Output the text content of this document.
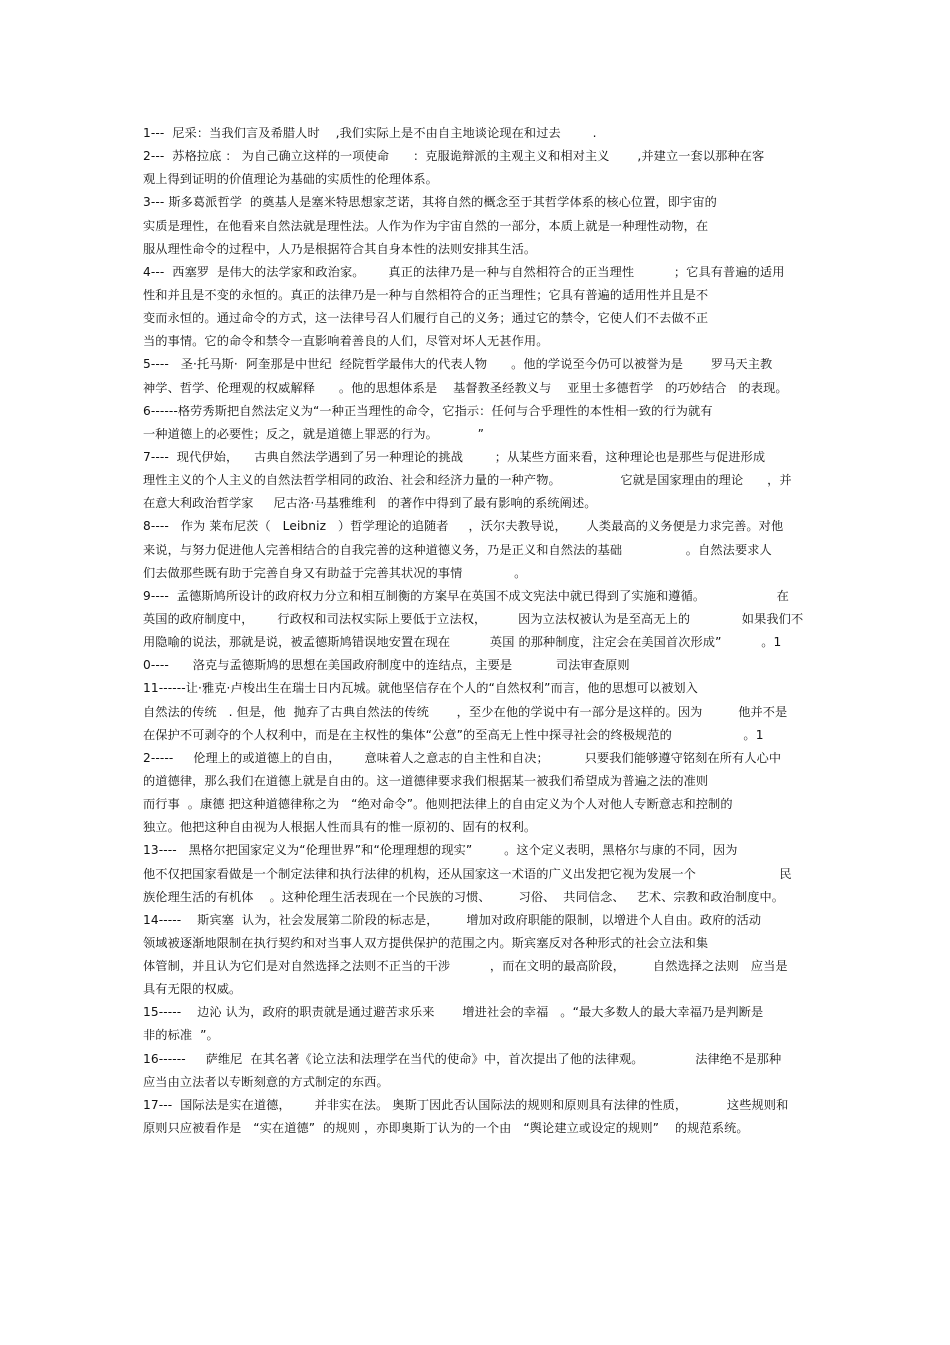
1---  尼采：当我们言及希腊人时    ,我们实际上是不由自主地谈论现在和过去        .
2---  苏格拉底 ： 为自己确立这样的一项使命      ：克服诡辩派的主观主义和相对主义       ,并建立一套以那种在客
观上得到证明的价值理论为基础的实质性的伦理体系。
3--- 斯多葛派哲学  的奠基人是塞米特思想家芝诺，其将自然的概念至于其哲学体系的核心位置，即宇宙的
实质是理性，在他看来自然法就是理性法。人作为作为宇宙自然的一部分，本质上就是一种理性动物，在
服从理性命令的过程中，人乃是根据符合其自身本性的法则安排其生活。
4---  西塞罗  是伟大的法学家和政治家。      真正的法律乃是一种与自然相符合的正当理性          ；它具有普遍的适用
性和并且是不变的永恒的。真正的法律乃是一种与自然相符合的正当理性；它具有普遍的适用性并且是不
变而永恒的。通过命令的方式，这一法律号召人们履行自己的义务；通过它的禁令，它使人们不去做不正
当的事情。它的命令和禁令一直影响着善良的人们，尽管对坏人无甚作用。
5----   圣·托马斯·  阿奎那是中世纪  经院哲学最伟大的代表人物      。他的学说至今仍可以被誉为是       罗马天主教
神学、哲学、伦理观的权威解释      。他的思想体系是    基督教圣经教义与    亚里士多德哲学   的巧妙结合   的表现。
6------格劳秀斯把自然法定义为“一种正当理性的命令，它指示：任何与合乎理性的本性相一致的行为就有
一种道德上的必要性；反之，就是道德上罪恶的行为。          ”
7----  现代伊始，    古典自然法学遇到了另一种理论的挑战        ；从某些方面来看，这种理论也是那些与促进形成
理性主义的个人主义的自然法哲学相同的政治、社会和经济力量的一种产物。               它就是国家理由的理论      ，并
在意大利政治哲学家     尼古洛·马基雅维利   的著作中得到了最有影响的系统阐述。
8----   作为 莱布尼茨（   Leibniz   ）哲学理论的追随者     ，沃尔夫教导说，     人类最高的义务便是力求完善。对他
来说，与努力促进他人完善相结合的自我完善的这种道德义务，乃是正义和自然法的基础                。自然法要求人
们去做那些既有助于完善自身又有助益于完善其状况的事情             。
9----  孟德斯鸠所设计的政府权力分立和相互制衡的方案早在英国不成文宪法中就已得到了实施和遵循。                  在
英国的政府制度中，      行政权和司法权实际上要低于立法权，        因为立法权被认为是至高无上的             如果我们不
用隐喻的说法，那就是说，被孟德斯鸠错误地安置在现在          英国 的那种制度，注定会在美国首次形成”          。1
0----      洛克与孟德斯鸠的思想在美国政府制度中的连结点，主要是           司法审查原则
11------让·雅克·卢梭出生在瑞士日内瓦城。就他坚信存在个人的“自然权利”而言，他的思想可以被划入
自然法的传统   . 但是，他  抛弃了古典自然法的传统       ，至少在他的学说中有一部分是这样的。因为         他并不是
在保护不可剥夺的个人权利中，而是在主权性的集体“公意”的至高无上性中探寻社会的终极规范的                  。1
2-----     伦理上的或道德上的自由，      意味着人之意志的自主性和自决；         只要我们能够遵守铭刻在所有人心中
的道德律，那么我们在道德上就是自由的。这一道德律要求我们根据某一被我们希望成为普遍之法的准则
而行事  。康德 把这种道德律称之为   “绝对命令”。他则把法律上的自由定义为个人对他人专断意志和控制的
独立。他把这种自由视为人根据人性而具有的惟一原初的、固有的权利。
13----   黑格尔把国家定义为“伦理世界”和“伦理理想的现实”        。这个定义表明，黑格尔与康的不同，因为
他不仅把国家看做是一个制定法律和执行法律的机构，还从国家这一术语的广义出发把它视为发展一个                     民
族伦理生活的有机体    。这种伦理生活表现在一个民族的习惯、       习俗、  共同信念、   艺术、宗教和政治制度中。
14-----    斯宾塞  认为，社会发展第二阶段的标志是，       增加对政府职能的限制，以增进个人自由。政府的活动
领域被逐渐地限制在执行契约和对当事人双方提供保护的范围之内。斯宾塞反对各种形式的社会立法和集
体管制，并且认为它们是对自然选择之法则不正当的干涉          ，而在文明的最高阶段，       自然选择之法则   应当是
具有无限的权威。
15-----    边沁 认为，政府的职责就是通过避苦求乐来       增进社会的幸福   。“最大多数人的最大幸福乃是判断是
非的标准  ”。
16------     萨维尼  在其名著《论立法和法理学在当代的使命》中，首次提出了他的法律观。             法律绝不是那种
应当由立法者以专断刻意的方式制定的东西。
17---  国际法是实在道德，      并非实在法。 奥斯丁因此否认国际法的规则和原则具有法律的性质，          这些规则和
原则只应被看作是   “实在道德”  的规则 ，亦即奥斯丁认为的一个由   “舆论建立或设定的规则”    的规范系统。
